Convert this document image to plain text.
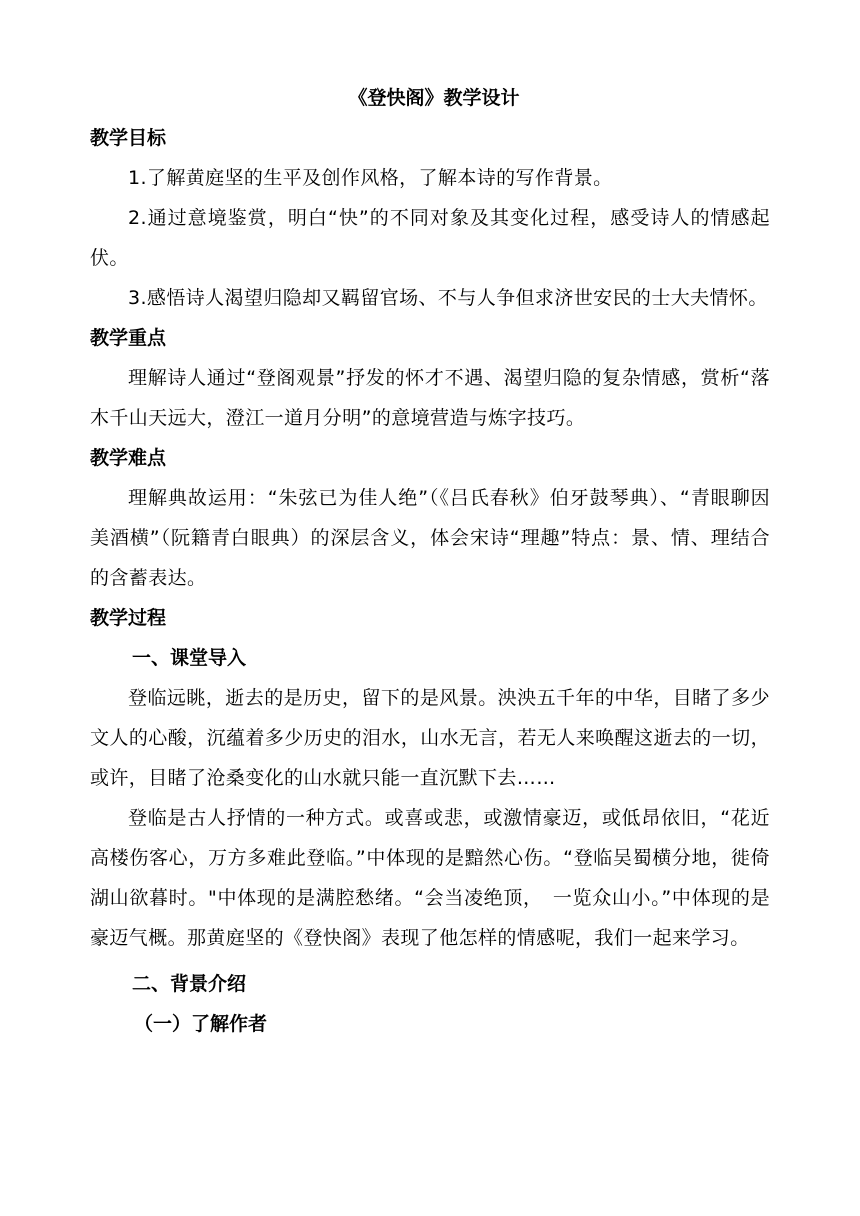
《登快阁》教学设计

教学目标

1.了解黄庭坚的生平及创作风格，了解本诗的写作背景。

2.通过意境鉴赏，明白“快”的不同对象及其变化过程，感受诗人的情感起伏。

3.感悟诗人渴望归隐却又羁留官场、不与人争但求济世安民的士大夫情怀。

教学重点

理解诗人通过“登阁观景”抒发的怀才不遇、渴望归隐的复杂情感，赏析“落木千山天远大，澄江一道月分明”的意境营造与炼字技巧。

教学难点

理解典故运用：“朱弦已为佳人绝”（《吕氏春秋》伯牙鼓琴典）、“青眼聊因美酒横”（阮籍青白眼典）的深层含义，体会宋诗“理趣”特点：景、情、理结合的含蓄表达。

教学过程

一、课堂导入

登临远眺，逝去的是历史，留下的是风景。泱泱五千年的中华，目睹了多少文人的心酸，沉蕴着多少历史的泪水，山水无言，若无人来唤醒这逝去的一切，或许，目睹了沧桑变化的山水就只能一直沉默下去……

登临是古人抒情的一种方式。或喜或悲，或激情豪迈，或低昂依旧，“花近高楼伤客心，万方多难此登临。”中体现的是黯然心伤。“登临吴蜀横分地，徙倚湖山欲暮时。"中体现的是满腔愁绪。“会当凌绝顶，　一览众山小。”中体现的是豪迈气概。那黄庭坚的《登快阁》表现了他怎样的情感呢，我们一起来学习。

二、背景介绍

（一）了解作者
